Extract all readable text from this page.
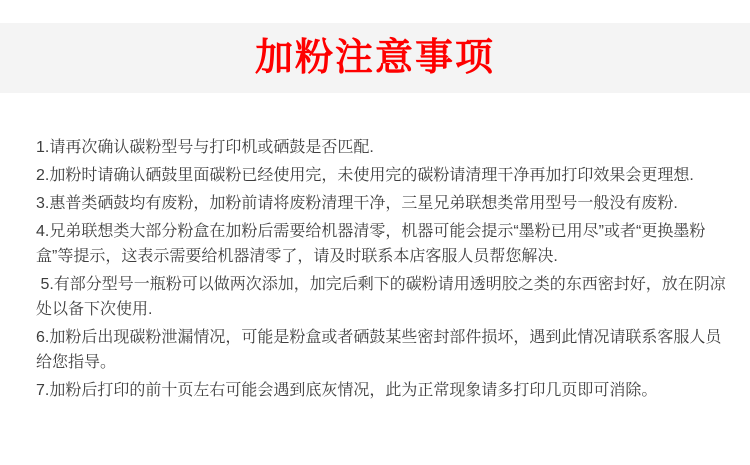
加粉注意事项

1.请再次确认碳粉型号与打印机或硒鼓是否匹配.

2.加粉时请确认硒鼓里面碳粉已经使用完，未使用完的碳粉请清理干净再加打印效果会更理想.

3.惠普类硒鼓均有废粉，加粉前请将废粉清理干净，三星兄弟联想类常用型号一般没有废粉.

4.兄弟联想类大部分粉盒在加粉后需要给机器清零，机器可能会提示“墨粉已用尽”或者“更换墨粉盒”等提示，这表示需要给机器清零了，请及时联系本店客服人员帮您解决.

5.有部分型号一瓶粉可以做两次添加，加完后剩下的碳粉请用透明胶之类的东西密封好，放在阴凉处以备下次使用.

6.加粉后出现碳粉泄漏情况，可能是粉盒或者硒鼓某些密封部件损坏，遇到此情况请联系客服人员给您指导。

7.加粉后打印的前十页左右可能会遇到底灰情况，此为正常现象请多打印几页即可消除。
